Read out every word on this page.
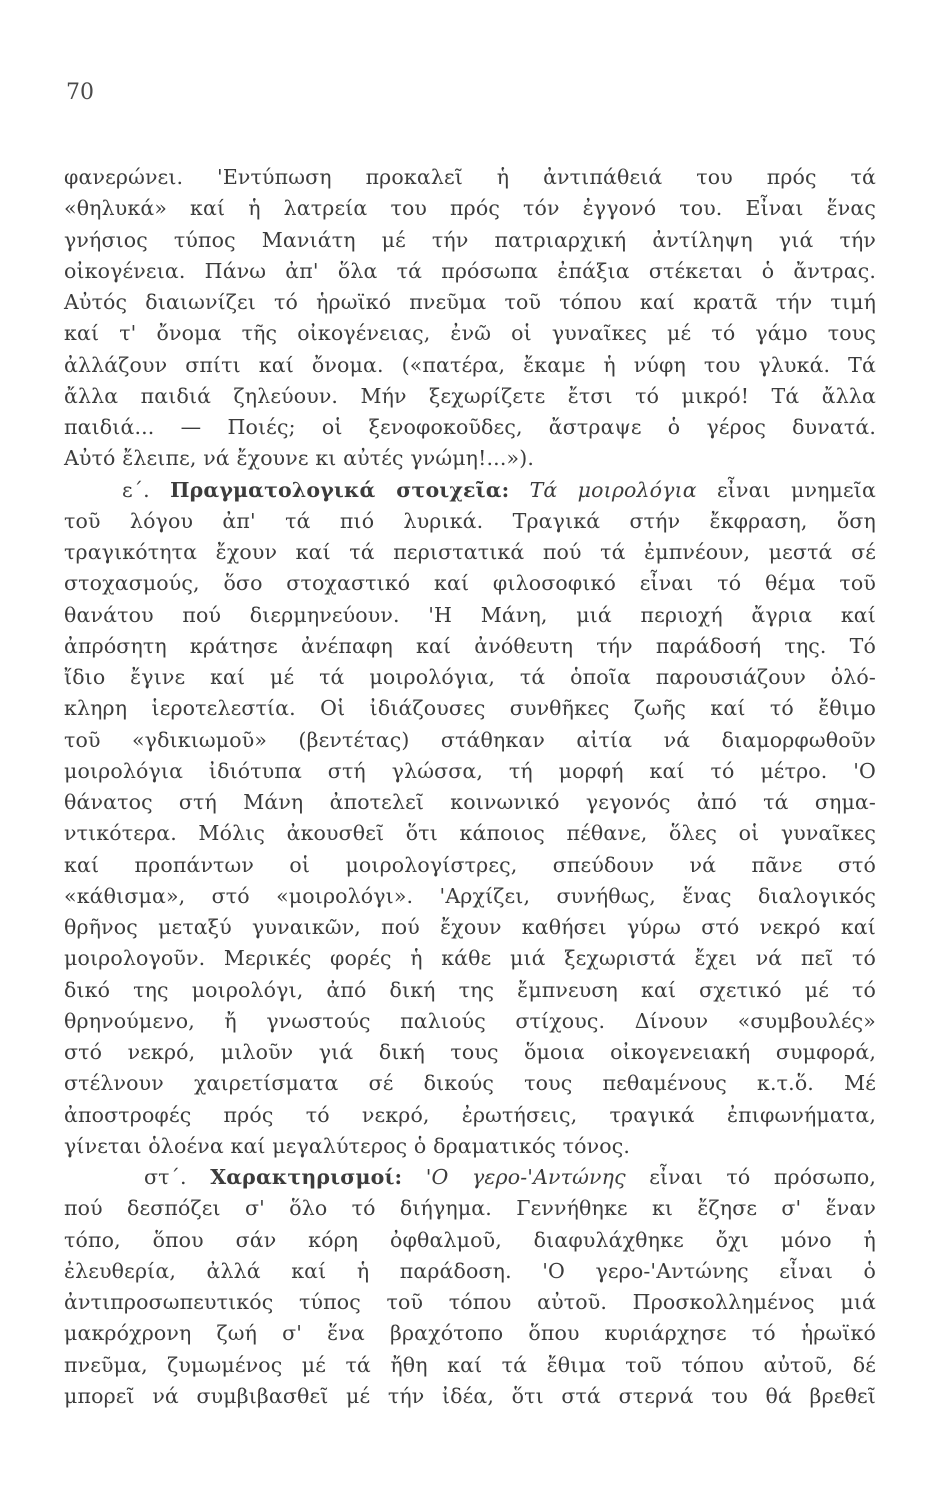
70
φανερώνει. 'Εντύπωση προκαλεῖ ἡ ἀντιπάθειά του πρός τά
«θηλυκά» καί ἡ λατρεία του πρός τόν ἐγγονό του. Εἶναι ἕνας
γνήσιος τύπος Μανιάτη μέ τήν πατριαρχική ἀντίληψη γιά τήν
οἰκογένεια. Πάνω ἀπ' ὅλα τά πρόσωπα ἐπάξια στέκεται ὁ ἄντρας.
Αὐτός διαιωνίζει τό ἡρωϊκό πνεῦμα τοῦ τόπου καί κρατᾶ τήν τιμή
καί τ' ὄνομα τῆς οἰκογένειας, ἐνῶ οἱ γυναῖκες μέ τό γάμο τους
ἀλλάζουν σπίτι καί ὄνομα. («πατέρα, ἔκαμε ἡ νύφη του γλυκά. Τά
ἄλλα παιδιά ζηλεύουν. Μήν ξεχωρίζετε ἔτσι τό μικρό! Τά ἄλλα
παιδιά... — Ποιές; οἱ ξενοφοκοῦδες, ἄστραψε ὁ γέρος δυνατά.
Αὐτό ἔλειπε, νά ἔχουνε κι αὐτές γνώμη!...»).
ε΄. Πραγματολογικά στοιχεῖα: Τά μοιρολόγια εἶναι μνημεῖα
τοῦ λόγου ἀπ' τά πιό λυρικά. Τραγικά στήν ἔκφραση, ὅση
τραγικότητα ἔχουν καί τά περιστατικά πού τά ἐμπνέουν, μεστά σέ
στοχασμούς, ὅσο στοχαστικό καί φιλοσοφικό εἶναι τό θέμα τοῦ
θανάτου πού διερμηνεύουν. 'Η Μάνη, μιά περιοχή ἄγρια καί
ἀπρόσητη κράτησε ἀνέπαφη καί ἀνόθευτη τήν παράδοσή της. Τό
ἴδιο ἔγινε καί μέ τά μοιρολόγια, τά ὁποῖα παρουσιάζουν ὁλό-
κληρη ἱεροτελεστία. Οἱ ἰδιάζουσες συνθῆκες ζωῆς καί τό ἔθιμο
τοῦ «γδικιωμοῦ» (βεντέτας) στάθηκαν αἰτία νά διαμορφωθοῦν
μοιρολόγια ἰδιότυπα στή γλώσσα, τή μορφή καί τό μέτρο. 'Ο
θάνατος στή Μάνη ἀποτελεῖ κοινωνικό γεγονός ἀπό τά σημα-
ντικότερα. Μόλις ἀκουσθεῖ ὅτι κάποιος πέθανε, ὅλες οἱ γυναῖκες
καί προπάντων οἱ μοιρολογίστρες, σπεύδουν νά πᾶνε στό
«κάθισμα», στό «μοιρολόγι». 'Αρχίζει, συνήθως, ἕνας διαλογικός
θρῆνος μεταξύ γυναικῶν, πού ἔχουν καθήσει γύρω στό νεκρό καί
μοιρολογοῦν. Μερικές φορές ἡ κάθε μιά ξεχωριστά ἔχει νά πεῖ τό
δικό της μοιρολόγι, ἀπό δική της ἔμπνευση καί σχετικό μέ τό
θρηνούμενο, ἤ γνωστούς παλιούς στίχους. Δίνουν «συμβουλές»
στό νεκρό, μιλοῦν γιά δική τους ὅμοια οἰκογενειακή συμφορά,
στέλνουν χαιρετίσματα σέ δικούς τους πεθαμένους κ.τ.ὅ. Μέ
ἀποστροφές πρός τό νεκρό, ἐρωτήσεις, τραγικά ἐπιφωνήματα,
γίνεται ὁλοένα καί μεγαλύτερος ὁ δραματικός τόνος.
στ΄. Χαρακτηρισμοί: 'Ο γερο-'Αντώνης εἶναι τό πρόσωπο,
πού δεσπόζει σ' ὅλο τό διήγημα. Γεννήθηκε κι ἔζησε σ' ἕναν
τόπο, ὅπου σάν κόρη ὀφθαλμοῦ, διαφυλάχθηκε ὄχι μόνο ἡ
ἐλευθερία, ἀλλά καί ἡ παράδοση. 'Ο γερο-'Αντώνης εἶναι ὁ
ἀντιπροσωπευτικός τύπος τοῦ τόπου αὐτοῦ. Προσκολλημένος μιά
μακρόχρονη ζωή σ' ἕνα βραχότοπο ὅπου κυριάρχησε τό ἡρωϊκό
πνεῦμα, ζυμωμένος μέ τά ἤθη καί τά ἔθιμα τοῦ τόπου αὐτοῦ, δέ
μπορεῖ νά συμβιβασθεῖ μέ τήν ἰδέα, ὅτι στά στερνά του θά βρεθεῖ
